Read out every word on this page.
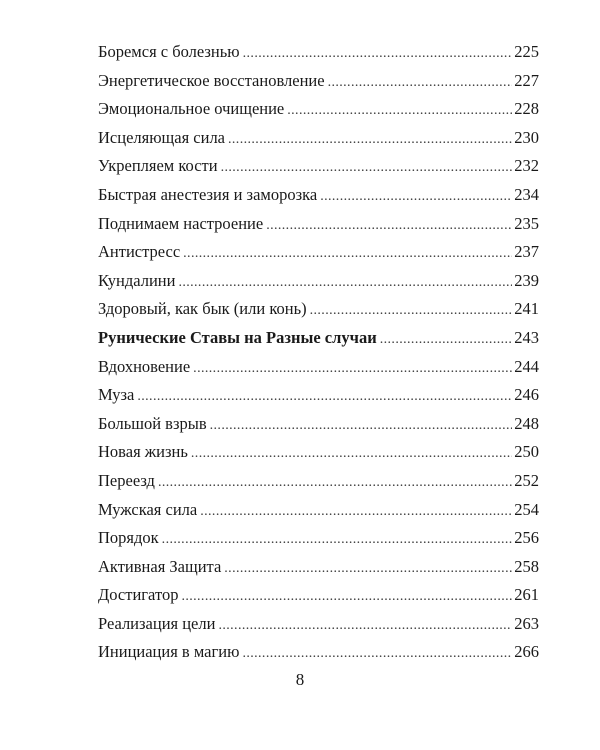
Боремся с болезнью .....	225
Энергетическое восстановление .....	227
Эмоциональное очищение .....	228
Исцеляющая сила .....	230
Укрепляем кости .....	232
Быстрая анестезия и заморозка .....	234
Поднимаем настроение .....	235
Антистресс .....	237
Кундалини .....	239
Здоровый, как бык (или конь) .....	241
Рунические Ставы на Разные случаи .....	243
Вдохновение .....	244
Муза .....	246
Большой взрыв .....	248
Новая жизнь .....	250
Переезд .....	252
Мужская сила .....	254
Порядок .....	256
Активная Защита .....	258
Достигатор .....	261
Реализация цели .....	263
Инициация в магию .....	266
8
